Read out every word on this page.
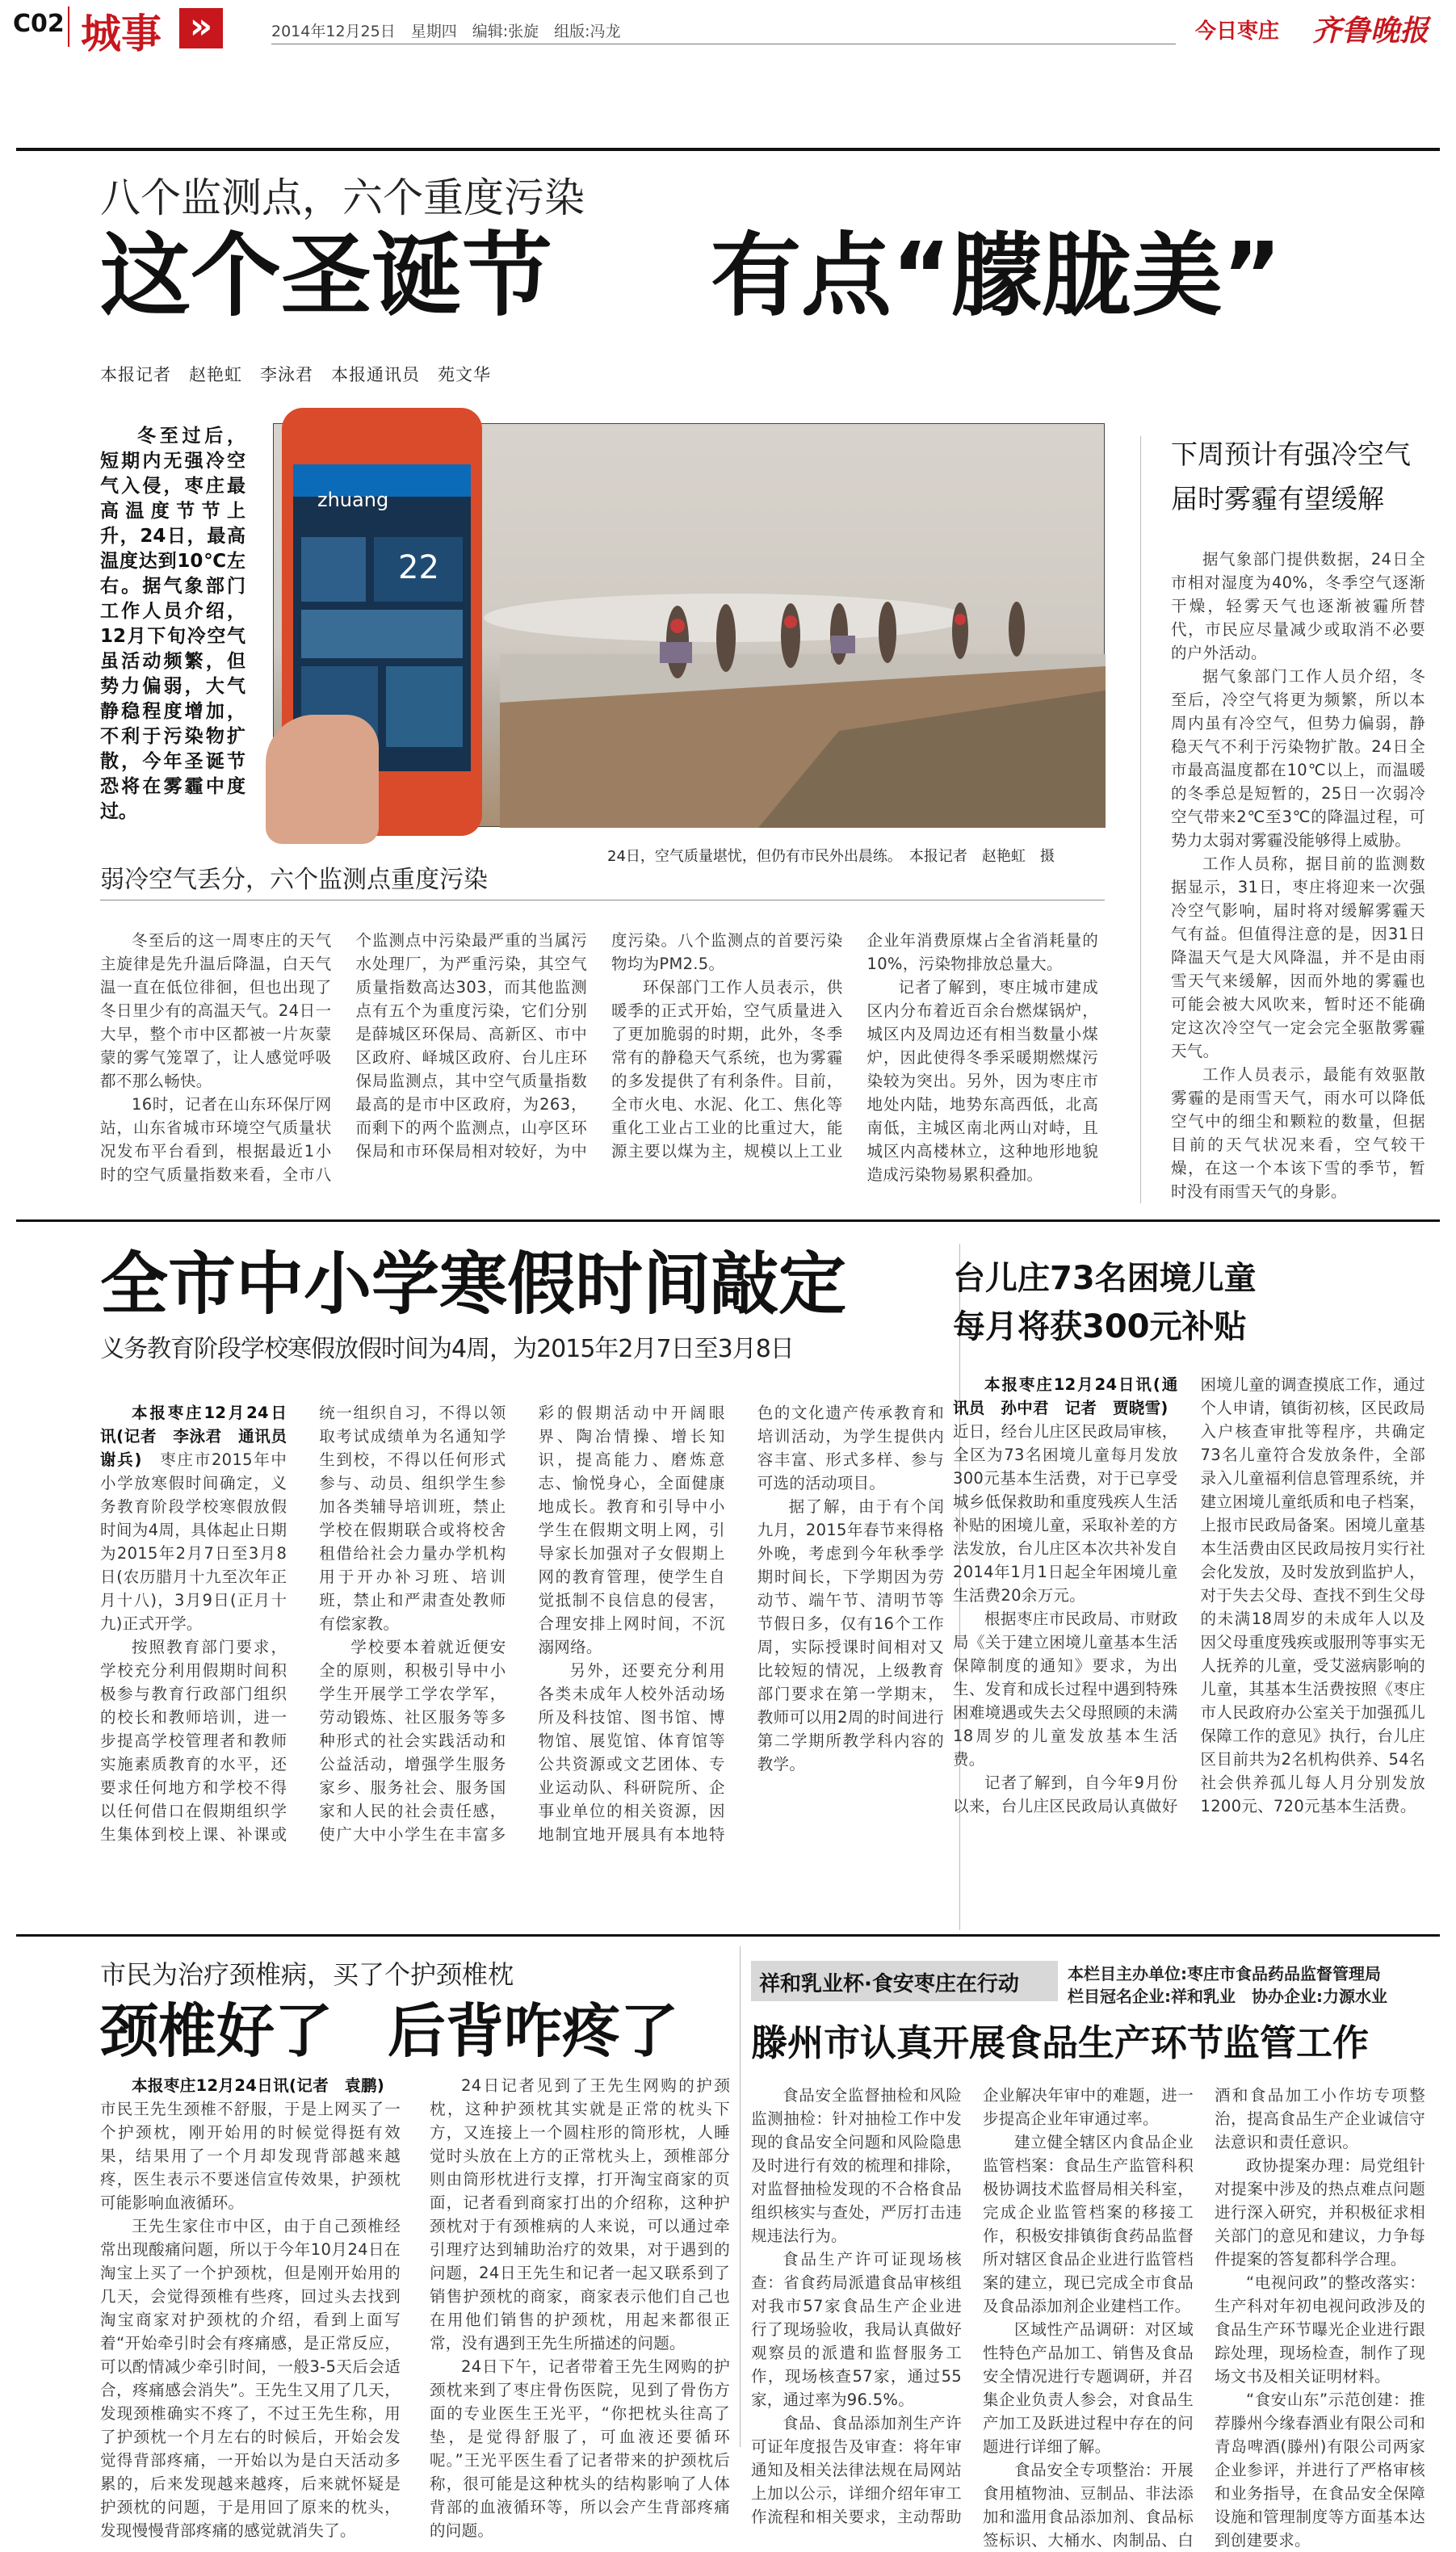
C02 城事 »	2014年12月25日　星期四　编辑:张旋　组版:冯龙	今日枣庄 齐鲁晚报
八个监测点，六个重度污染
这个圣诞节 有点“朦胧美”
本报记者　赵艳虹　李泳君　本报通讯员　苑文华

冬至过后，短期内无强冷空气入侵，枣庄最高温度节节上升，24日，最高温度达到10℃左右。据气象部门工作人员介绍，12月下旬冷空气虽活动频繁，但势力偏弱，大气静稳程度增加，不利于污染物扩散，今年圣诞节恐将在雾霾中度过。

zhuang
22
24日，空气质量堪忧，但仍有市民外出晨练。　本报记者　赵艳虹　摄
弱冷空气丢分，六个监测点重度污染

冬至后的这一周枣庄的天气主旋律是先升温后降温，白天气温一直在低位徘徊，但也出现了冬日里少有的高温天气。24日一大早，整个市中区都被一片灰蒙蒙的雾气笼罩了，让人感觉呼吸都不那么畅快。

16时，记者在山东环保厅网站，山东省城市环境空气质量状况发布平台看到，根据最近1小时的空气质量指数来看，全市八个监测点中污染最严重的当属污水处理厂，为严重污染，其空气质量指数高达303，而其他监测点有五个为重度污染，它们分别是薛城区环保局、高新区、市中区政府、峄城区政府、台儿庄环保局监测点，其中空气质量指数最高的是市中区政府，为263，而剩下的两个监测点，山亭区环保局和市环保局相对较好，为中度污染。八个监测点的首要污染物均为PM2.5。

环保部门工作人员表示，供暖季的正式开始，空气质量进入了更加脆弱的时期，此外，冬季常有的静稳天气系统，也为雾霾的多发提供了有利条件。目前，全市火电、水泥、化工、焦化等重化工业占工业的比重过大，能源主要以煤为主，规模以上工业企业年消费原煤占全省消耗量的10%，污染物排放总量大。

记者了解到，枣庄城市建成区内分布着近百余台燃煤锅炉，城区内及周边还有相当数量小煤炉，因此使得冬季采暖期燃煤污染较为突出。另外，因为枣庄市地处内陆，地势东高西低，北高南低，主城区南北两山对峙，且城区内高楼林立，这种地形地貌造成污染物易累积叠加。

下周预计有强冷空气
届时雾霾有望缓解

据气象部门提供数据，24日全市相对湿度为40%，冬季空气逐渐干燥，轻雾天气也逐渐被霾所替代，市民应尽量减少或取消不必要的户外活动。

据气象部门工作人员介绍，冬至后，冷空气将更为频繁，所以本周内虽有冷空气，但势力偏弱，静稳天气不利于污染物扩散。24日全市最高温度都在10℃以上，而温暖的冬季总是短暂的，25日一次弱冷空气带来2℃至3℃的降温过程，可势力太弱对雾霾没能够得上威胁。

工作人员称，据目前的监测数据显示，31日，枣庄将迎来一次强冷空气影响，届时将对缓解雾霾天气有益。但值得注意的是，因31日降温天气是大风降温，并不是由雨雪天气来缓解，因而外地的雾霾也可能会被大风吹来，暂时还不能确定这次冷空气一定会完全驱散雾霾天气。

工作人员表示，最能有效驱散雾霾的是雨雪天气，雨水可以降低空气中的细尘和颗粒的数量，但据目前的天气状况来看，空气较干燥，在这一个本该下雪的季节，暂时没有雨雪天气的身影。

全市中小学寒假时间敲定
义务教育阶段学校寒假放假时间为4周，为2015年2月7日至3月8日

本报枣庄12月24日讯(记者　李泳君　通讯员　谢兵)　枣庄市2015年中小学放寒假时间确定，义务教育阶段学校寒假放假时间为4周，具体起止日期为2015年2月7日至3月8日(农历腊月十九至次年正月十八)，3月9日(正月十九)正式开学。

按照教育部门要求，学校充分利用假期时间积极参与教育行政部门组织的校长和教师培训，进一步提高学校管理者和教师实施素质教育的水平，还要求任何地方和学校不得以任何借口在假期组织学生集体到校上课、补课或统一组织自习，不得以领取考试成绩单为名通知学生到校，不得以任何形式参与、动员、组织学生参加各类辅导培训班，禁止学校在假期联合或将校舍租借给社会力量办学机构用于开办补习班、培训班，禁止和严肃查处教师有偿家教。

学校要本着就近便安全的原则，积极引导中小学生开展学工学农学军，劳动锻炼、社区服务等多种形式的社会实践活动和公益活动，增强学生服务家乡、服务社会、服务国家和人民的社会责任感，使广大中小学生在丰富多彩的假期活动中开阔眼界、陶冶情操、增长知识，提高能力、磨炼意志、愉悦身心，全面健康地成长。教育和引导中小学生在假期文明上网，引导家长加强对子女假期上网的教育管理，使学生自觉抵制不良信息的侵害，合理安排上网时间，不沉溺网络。

另外，还要充分利用各类未成年人校外活动场所及科技馆、图书馆、博物馆、展览馆、体育馆等公共资源或文艺团体、专业运动队、科研院所、企事业单位的相关资源，因地制宜地开展具有本地特色的文化遗产传承教育和培训活动，为学生提供内容丰富、形式多样、参与可选的活动项目。

据了解，由于有个闰九月，2015年春节来得格外晚，考虑到今年秋季学期时间长，下学期因为劳动节、端午节、清明节等节假日多，仅有16个工作周，实际授课时间相对又比较短的情况，上级教育部门要求在第一学期末，教师可以用2周的时间进行第二学期所教学科内容的教学。

台儿庄73名困境儿童
每月将获300元补贴

本报枣庄12月24日讯(通讯员　孙中君　记者　贾晓雪)　近日，经台儿庄区民政局审核，全区为73名困境儿童每月发放300元基本生活费，对于已享受城乡低保救助和重度残疾人生活补贴的困境儿童，采取补差的方法发放，台儿庄区本次共补发自2014年1月1日起全年困境儿童生活费20余万元。

根据枣庄市民政局、市财政局《关于建立困境儿童基本生活保障制度的通知》要求，为出生、发育和成长过程中遇到特殊困难境遇或失去父母照顾的未满18周岁的儿童发放基本生活费。

记者了解到，自今年9月份以来，台儿庄区民政局认真做好困境儿童的调查摸底工作，通过个人申请，镇街初核，区民政局入户核查审批等程序，共确定73名儿童符合发放条件，全部录入儿童福利信息管理系统，并建立困境儿童纸质和电子档案，上报市民政局备案。困境儿童基本生活费由区民政局按月实行社会化发放，及时发放到监护人，对于失去父母、查找不到生父母的未满18周岁的未成年人以及因父母重度残疾或服刑等事实无人抚养的儿童，受艾滋病影响的儿童，其基本生活费按照《枣庄市人民政府办公室关于加强孤儿保障工作的意见》执行，台儿庄区目前共为2名机构供养、54名社会供养孤儿每人月分别发放1200元、720元基本生活费。

市民为治疗颈椎病，买了个护颈椎枕
颈椎好了 后背咋疼了

本报枣庄12月24日讯(记者　袁鹏)　市民王先生颈椎不舒服，于是上网买了一个护颈枕，刚开始用的时候觉得挺有效果，结果用了一个月却发现背部越来越疼，医生表示不要迷信宣传效果，护颈枕可能影响血液循环。

王先生家住市中区，由于自己颈椎经常出现酸痛问题，所以于今年10月24日在淘宝上买了一个护颈枕，但是刚开始用的几天，会觉得颈椎有些疼，回过头去找到淘宝商家对护颈枕的介绍，看到上面写着“开始牵引时会有疼痛感，是正常反应，可以酌情减少牵引时间，一般3-5天后会适合，疼痛感会消失”。王先生又用了几天，发现颈椎确实不疼了，不过王先生称，用了护颈枕一个月左右的时候后，开始会发觉得背部疼痛，一开始以为是白天活动多累的，后来发现越来越疼，后来就怀疑是护颈枕的问题，于是用回了原来的枕头，发现慢慢背部疼痛的感觉就消失了。

24日记者见到了王先生网购的护颈枕，这种护颈枕其实就是正常的枕头下方，又连接上一个圆柱形的筒形枕，人睡觉时头放在上方的正常枕头上，颈椎部分则由筒形枕进行支撑，打开淘宝商家的页面，记者看到商家打出的介绍称，这种护颈枕对于有颈椎病的人来说，可以通过牵引理疗达到辅助治疗的效果，对于遇到的问题，24日王先生和记者一起又联系到了销售护颈枕的商家，商家表示他们自己也在用他们销售的护颈枕，用起来都很正常，没有遇到王先生所描述的问题。

24日下午，记者带着王先生网购的护颈枕来到了枣庄骨伤医院，见到了骨伤方面的专业医生王光平，“你把枕头往高了垫，是觉得舒服了，可血液还要循环呢。”王光平医生看了记者带来的护颈枕后称，很可能是这种枕头的结构影响了人体背部的血液循环等，所以会产生背部疼痛的问题。

祥和乳业杯·食安枣庄在行动	本栏目主办单位:枣庄市食品药品监督管理局
栏目冠名企业:祥和乳业　协办企业:力源水业
滕州市认真开展食品生产环节监管工作

食品安全监督抽检和风险监测抽检：针对抽检工作中发现的食品安全问题和风险隐患及时进行有效的梳理和排除，对监督抽检发现的不合格食品组织核实与查处，严厉打击违规违法行为。

食品生产许可证现场核查：省食药局派遣食品审核组对我市57家食品生产企业进行了现场验收，我局认真做好观察员的派遣和监督服务工作，现场核查57家，通过55家，通过率为96.5%。

食品、食品添加剂生产许可证年度报告及审查：将年审通知及相关法律法规在局网站上加以公示，详细介绍年审工作流程和相关要求，主动帮助企业解决年审中的难题，进一步提高企业年审通过率。

建立健全辖区内食品企业监管档案：食品生产监管科积极协调技术监督局相关科室，完成企业监管档案的移接工作，积极安排镇街食药品监督所对辖区食品企业进行监管档案的建立，现已完成全市食品及食品添加剂企业建档工作。

区域性产品调研：对区域性特色产品加工、销售及食品安全情况进行专题调研，并召集企业负责人参会，对食品生产加工及跃进过程中存在的问题进行详细了解。

食品安全专项整治：开展食用植物油、豆制品、非法添加和滥用食品添加剂、食品标签标识、大桶水、肉制品、白酒和食品加工小作坊专项整治，提高食品生产企业诚信守法意识和责任意识。

政协提案办理：局党组针对提案中涉及的热点难点问题进行深入研究，并积极征求相关部门的意见和建议，力争每件提案的答复都科学合理。

“电视问政”的整改落实：生产科对年初电视问政涉及的食品生产环节曝光企业进行跟踪处理，现场检查，制作了现场文书及相关证明材料。

“食安山东”示范创建：推荐滕州今缘春酒业有限公司和青岛啤酒(滕州)有限公司两家企业参评，并进行了严格审核和业务指导，在食品安全保障设施和管理制度等方面基本达到创建要求。
